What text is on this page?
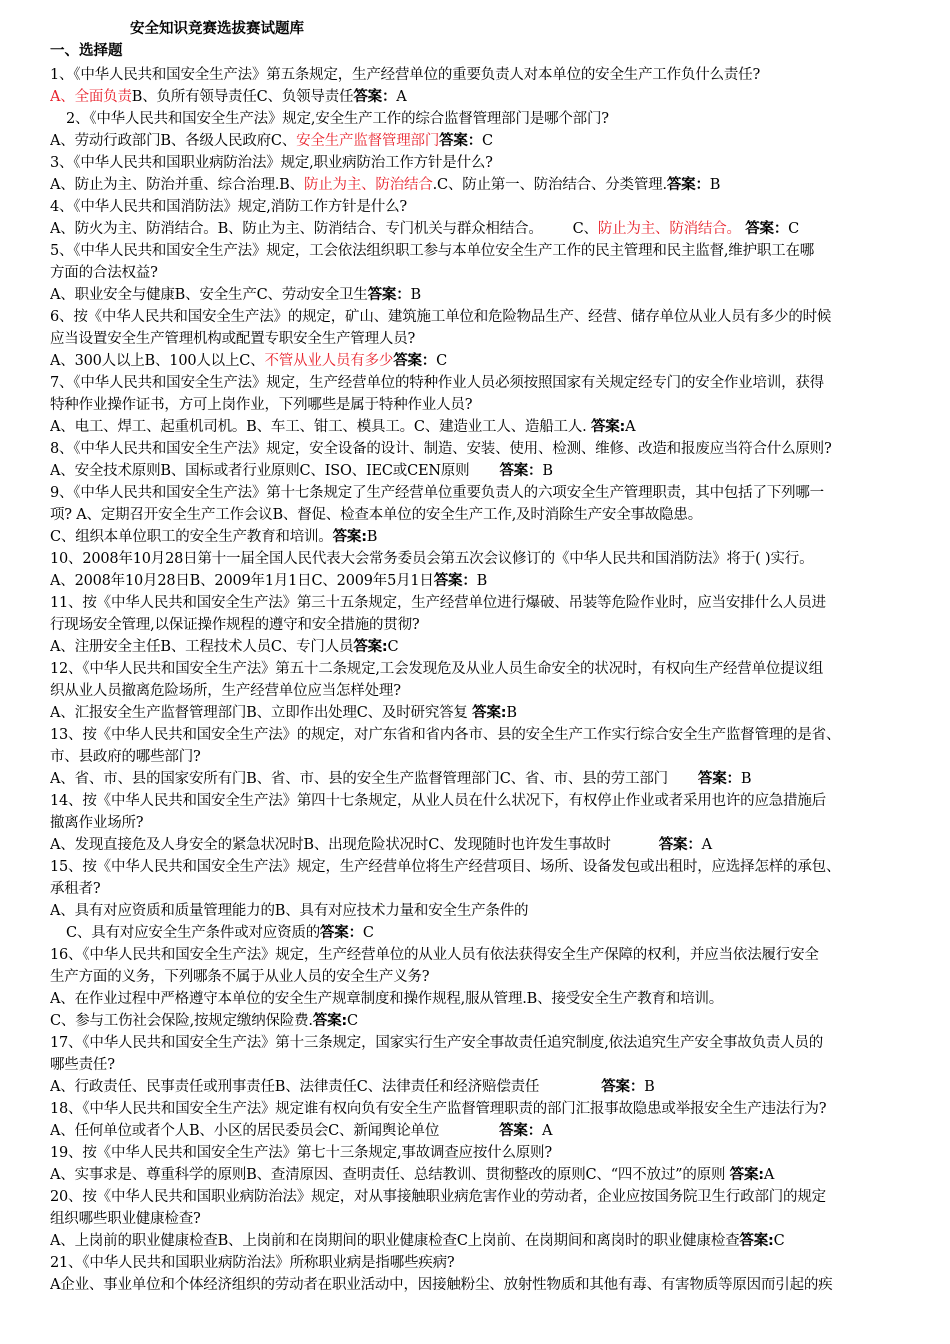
安全知识竞赛选拔赛试题库
一、选择题
1、《中华人民共和国安全生产法》第五条规定，生产经营单位的重要负责人对本单位的安全生产工作负什么责任?
A、全面负责B、负所有领导责任C、负领导责任答案：A
2、《中华人民共和国安全生产法》规定,安全生产工作的综合监督管理部门是哪个部门?
A、劳动行政部门B、各级人民政府C、安全生产监督管理部门答案：C
3、《中华人民共和国职业病防治法》规定,职业病防治工作方针是什么?
A、防止为主、防治并重、综合治理.B、防止为主、防治结合.C、防止第一、防治结合、分类管理.答案：B
4、《中华人民共和国消防法》规定,消防工作方针是什么?
A、防火为主、防消结合。B、防止为主、防消结合、专门机关与群众相结合。 C、防止为主、防消结合。 答案：C
5、《中华人民共和国安全生产法》规定，工会依法组织职工参与本单位安全生产工作的民主管理和民主监督,维护职工在哪
方面的合法权益?
A、职业安全与健康B、安全生产C、劳动安全卫生答案：B
6、按《中华人民共和国安全生产法》的规定，矿山、建筑施工单位和危险物品生产、经营、储存单位从业人员有多少的时候
应当设置安全生产管理机构或配置专职安全生产管理人员?
A、300人以上B、100人以上C、不管从业人员有多少答案：C
7、《中华人民共和国安全生产法》规定，生产经营单位的特种作业人员必须按照国家有关规定经专门的安全作业培训，获得
特种作业操作证书，方可上岗作业，下列哪些是属于特种作业人员?
A、电工、焊工、起重机司机。B、车工、钳工、模具工。C、建造业工人、造船工人. 答案:A
8、《中华人民共和国安全生产法》规定，安全设备的设计、制造、安装、使用、检测、维修、改造和报废应当符合什么原则?
A、安全技术原则B、国标或者行业原则C、ISO、IEC或CEN原则 答案：B
9、《中华人民共和国安全生产法》第十七条规定了生产经营单位重要负责人的六项安全生产管理职责，其中包括了下列哪一
项? A、定期召开安全生产工作会议B、督促、检查本单位的安全生产工作,及时消除生产安全事故隐患。
C、组织本单位职工的安全生产教育和培训。答案:B
10、2008年10月28日第十一届全国人民代表大会常务委员会第五次会议修订的《中华人民共和国消防法》将于( )实行。
A、2008年10月28日B、2009年1月1日C、2009年5月1日答案：B
11、按《中华人民共和国安全生产法》第三十五条规定，生产经营单位进行爆破、吊装等危险作业时，应当安排什么人员进
行现场安全管理,以保证操作规程的遵守和安全措施的贯彻?
A、注册安全主任B、工程技术人员C、专门人员答案:C
12、《中华人民共和国安全生产法》第五十二条规定,工会发现危及从业人员生命安全的状况时，有权向生产经营单位提议组
织从业人员撤离危险场所，生产经营单位应当怎样处理?
A、汇报安全生产监督管理部门B、立即作出处理C、及时研究答复 答案:B
13、按《中华人民共和国安全生产法》的规定，对广东省和省内各市、县的安全生产工作实行综合安全生产监督管理的是省、
市、县政府的哪些部门?
A、省、市、县的国家安所有门B、省、市、县的安全生产监督管理部门C、省、市、县的劳工部门 答案：B
14、按《中华人民共和国安全生产法》第四十七条规定，从业人员在什么状况下，有权停止作业或者采用也许的应急措施后
撤离作业场所?
A、发现直接危及人身安全的紧急状况时B、出现危险状况时C、发现随时也许发生事故时	答案：A
15、按《中华人民共和国安全生产法》规定，生产经营单位将生产经营项目、场所、设备发包或出租时，应选择怎样的承包、
承租者?
A、具有对应资质和质量管理能力的B、具有对应技术力量和安全生产条件的
C、具有对应安全生产条件或对应资质的答案：C
16、《中华人民共和国安全生产法》规定，生产经营单位的从业人员有依法获得安全生产保障的权利，并应当依法履行安全
生产方面的义务，下列哪条不属于从业人员的安全生产义务?
A、在作业过程中严格遵守本单位的安全生产规章制度和操作规程,服从管理.B、接受安全生产教育和培训。
C、参与工伤社会保险,按规定缴纳保险费.答案:C
17、《中华人民共和国安全生产法》第十三条规定，国家实行生产安全事故责任追究制度,依法追究生产安全事故负责人员的
哪些责任?
A、行政责任、民事责任或刑事责任B、法律责任C、法律责任和经济赔偿责任	答案：B
18、《中华人民共和国安全生产法》规定谁有权向负有安全生产监督管理职责的部门汇报事故隐患或举报安全生产违法行为?
A、任何单位或者个人B、小区的居民委员会C、新闻舆论单位	答案：A
19、按《中华人民共和国安全生产法》第七十三条规定,事故调查应按什么原则?
A、实事求是、尊重科学的原则B、查清原因、查明责任、总结教训、贯彻整改的原则C、“四不放过”的原则 答案:A
20、按《中华人民共和国职业病防治法》规定，对从事接触职业病危害作业的劳动者，企业应按国务院卫生行政部门的规定
组织哪些职业健康检查?
A、上岗前的职业健康检查B、上岗前和在岗期间的职业健康检查C上岗前、在岗期间和离岗时的职业健康检查答案:C
21、《中华人民共和国职业病防治法》所称职业病是指哪些疾病?
A企业、事业单位和个体经济组织的劳动者在职业活动中，因接触粉尘、放射性物质和其他有毒、有害物质等原因而引起的疾
